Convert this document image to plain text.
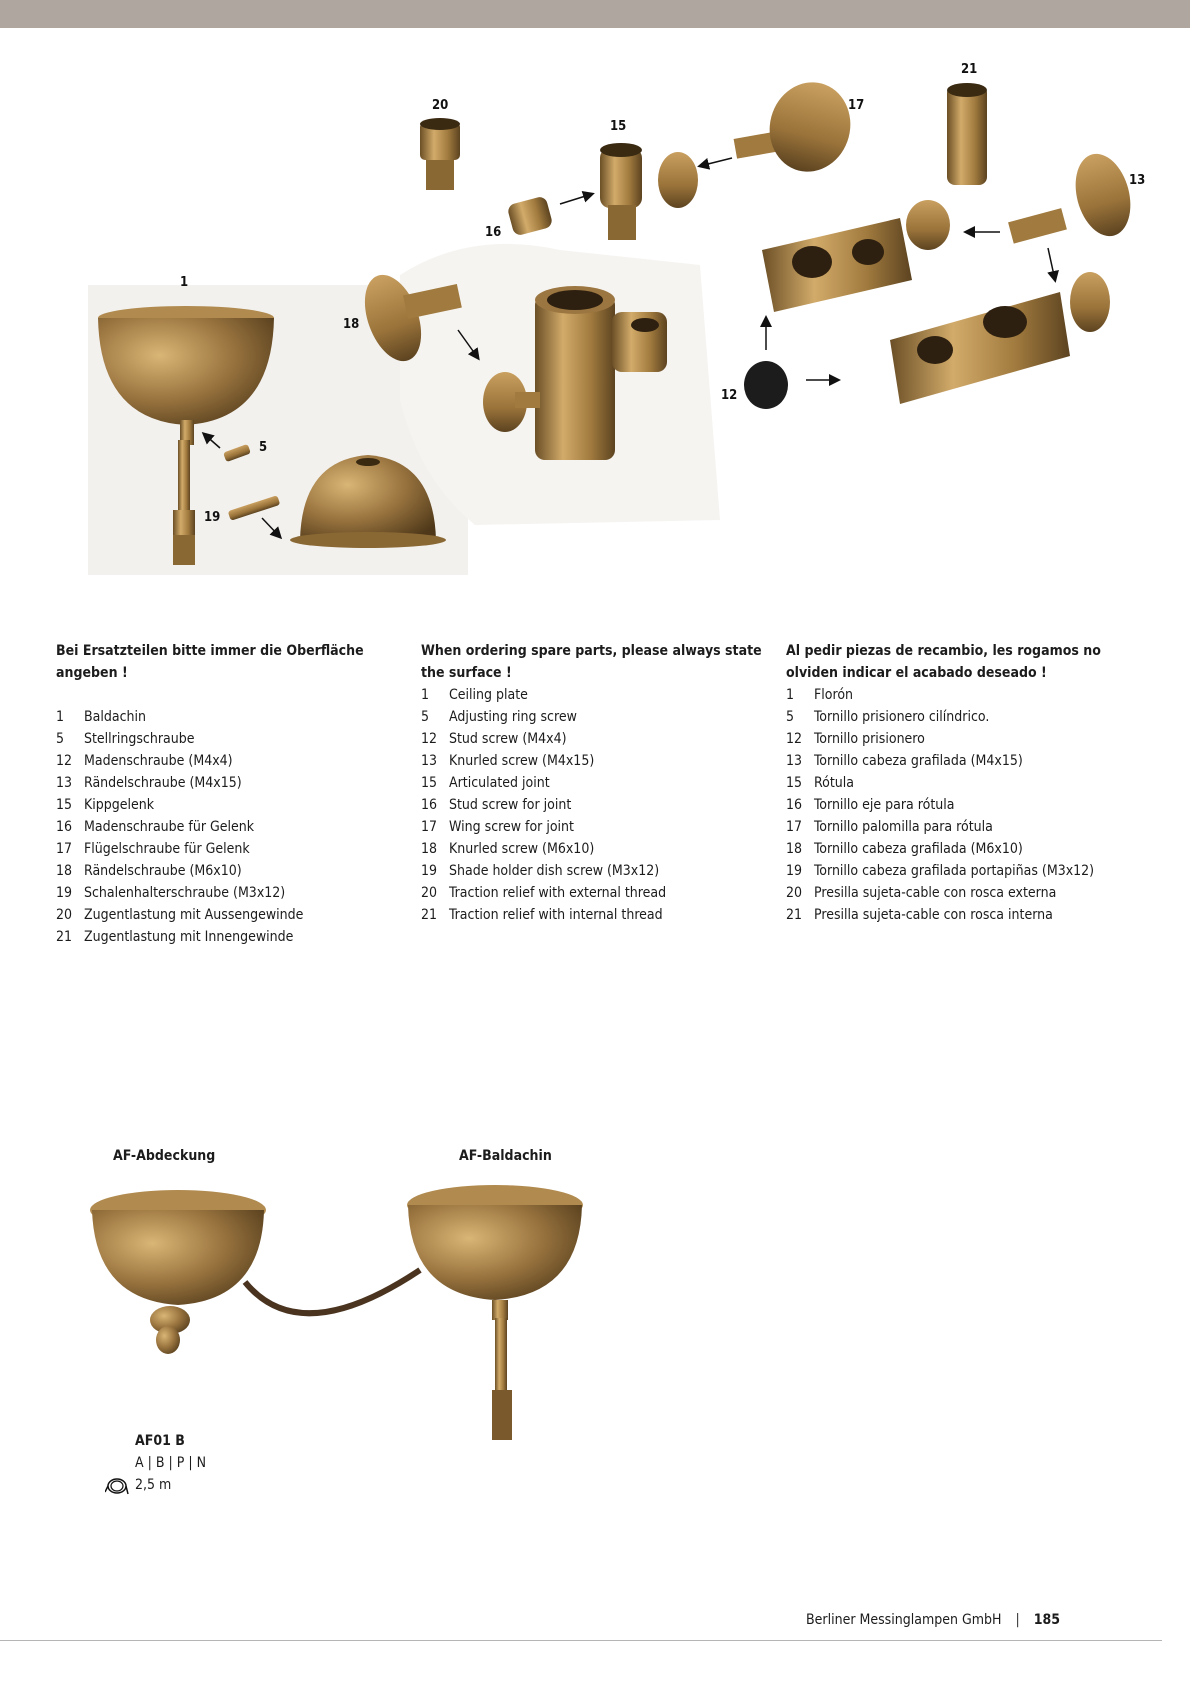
1
5
12
13
15
16
17
18
19
20
21
Bei Ersatzteilen bitte immer die Oberfläche angeben !
1	Baldachin
5	Stellringschraube
12 Madenschraube (M4x4)
13 Rändelschraube (M4x15)
15 Kippgelenk
16 Madenschraube für Gelenk
17 Flügelschraube für Gelenk
18 Rändelschraube (M6x10)
19 Schalenhalterschraube (M3x12)
20 Zugentlastung mit Aussengewinde
21 Zugentlastung mit Innengewinde
When ordering spare parts, please always state the surface !
1	Ceiling plate
5	Adjusting ring screw
12 Stud screw (M4x4)
13 Knurled screw (M4x15)
15 Articulated joint
16 Stud screw for joint
17 Wing screw for joint
18 Knurled screw (M6x10)
19 Shade holder dish screw (M3x12)
20 Traction relief with external thread
21 Traction relief with internal thread
Al pedir piezas de recambio, les rogamos no olviden indicar el acabado deseado !
1	Florón
5	Tornillo prisionero cilíndrico.
12 Tornillo prisionero
13 Tornillo cabeza grafilada (M4x15)
15 Rótula
16 Tornillo eje para rótula
17 Tornillo palomilla para rótula
18 Tornillo cabeza grafilada (M6x10)
19 Tornillo cabeza grafilada portapiñas (M3x12)
20 Presilla sujeta-cable con rosca externa
21 Presilla sujeta-cable con rosca interna
AF-Abdeckung	AF-Baldachin
AF01 B
A | B | P | N
2,5 m
Berliner Messinglampen GmbH | 185
